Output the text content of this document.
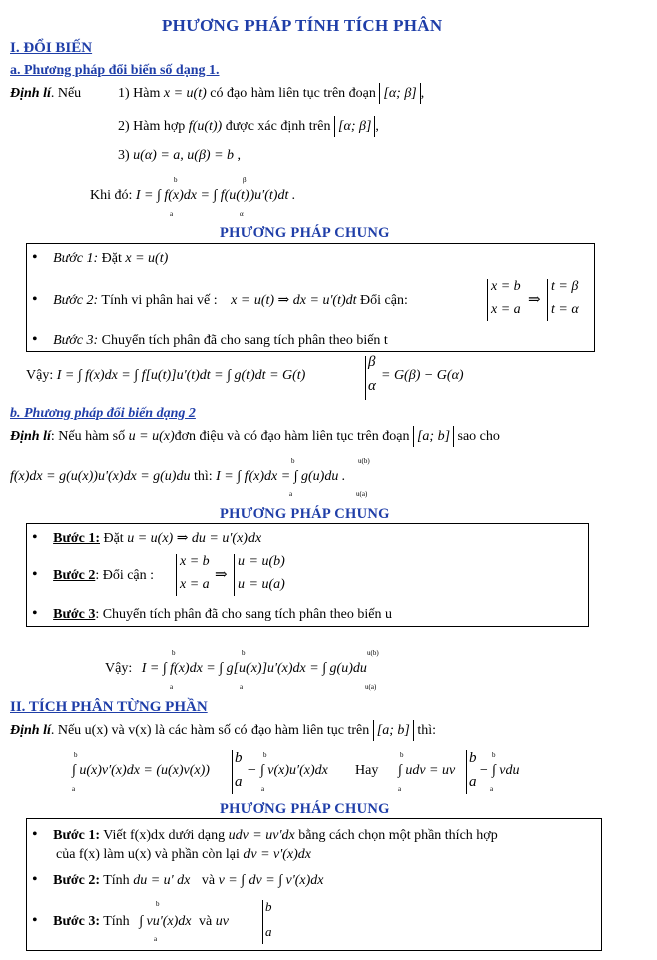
PHƯƠNG PHÁP TÍNH TÍCH PHÂN
I. ĐỔI BIẾN
a. Phương pháp đổi biến số dạng 1.
Định lí. Nếu	1) Hàm x = u(t) có đạo hàm liên tục trên đoạn [α; β] ,
2) Hàm hợp f(u(t)) được xác định trên [α; β] ,
3) u(α) = a, u(β) = b ,
Khi đó: I = ∫ f(x)dx = ∫ f(u(t))u′(t)dt .
b
a
β
α
PHƯƠNG PHÁP CHUNG
• Bước 1: Đặt x = u(t)
• Bước 2: Tính vi phân hai vế : x = u(t) ⇒ dx = u'(t)dt Đổi cận:
x = b
x = a
⇒
t = β
t = α
• Bước 3: Chuyển tích phân đã cho sang tích phân theo biến t
Vậy: I = ∫ f(x)dx = ∫ f[u(t)]u'(t)dt = ∫ g(t)dt = G(t)
β
α
= G(β) − G(α)
b. Phương pháp đổi biến dạng 2
Định lí: Nếu hàm số u = u(x)đơn điệu và có đạo hàm liên tục trên đoạn [a; b] sao cho
f(x)dx = g(u(x))u'(x)dx = g(u)du thì: I = ∫ f(x)dx = ∫ g(u)du .
b
a
u(b)
u(a)
PHƯƠNG PHÁP CHUNG
• Bước 1: Đặt u = u(x) ⇒ du = u′(x)dx
• Bước 2: Đổi cận :
x = b
x = a
⇒
u = u(b)
u = u(a)
• Bước 3: Chuyển tích phân đã cho sang tích phân theo biến u
Vậy: I = ∫ f(x)dx = ∫ g[u(x)]u'(x)dx = ∫ g(u)du
b
a
b
a
u(b)
u(a)
II. TÍCH PHÂN TỪNG PHẦN
Định lí. Nếu u(x) và v(x) là các hàm số có đạo hàm liên tục trên [a; b] thì:
∫ u(x)v′(x)dx = (u(x)v(x))
b
a
− ∫ v(x)u′(x)dx Hay ∫ udv = uv
b
a
− ∫ vdu
b
a
b
a
b
a
b
a
PHƯƠNG PHÁP CHUNG
• Bước 1: Viết f(x)dx dưới dạng udv = uv′dx bằng cách chọn một phần thích hợp
của f(x) làm u(x) và phần còn lại dv = v'(x)dx
• Bước 2: Tính du = u' dx và v = ∫ dv = ∫ v'(x)dx
• Bước 3: Tính ∫ vu'(x)dx và uv
b
a
b
a
